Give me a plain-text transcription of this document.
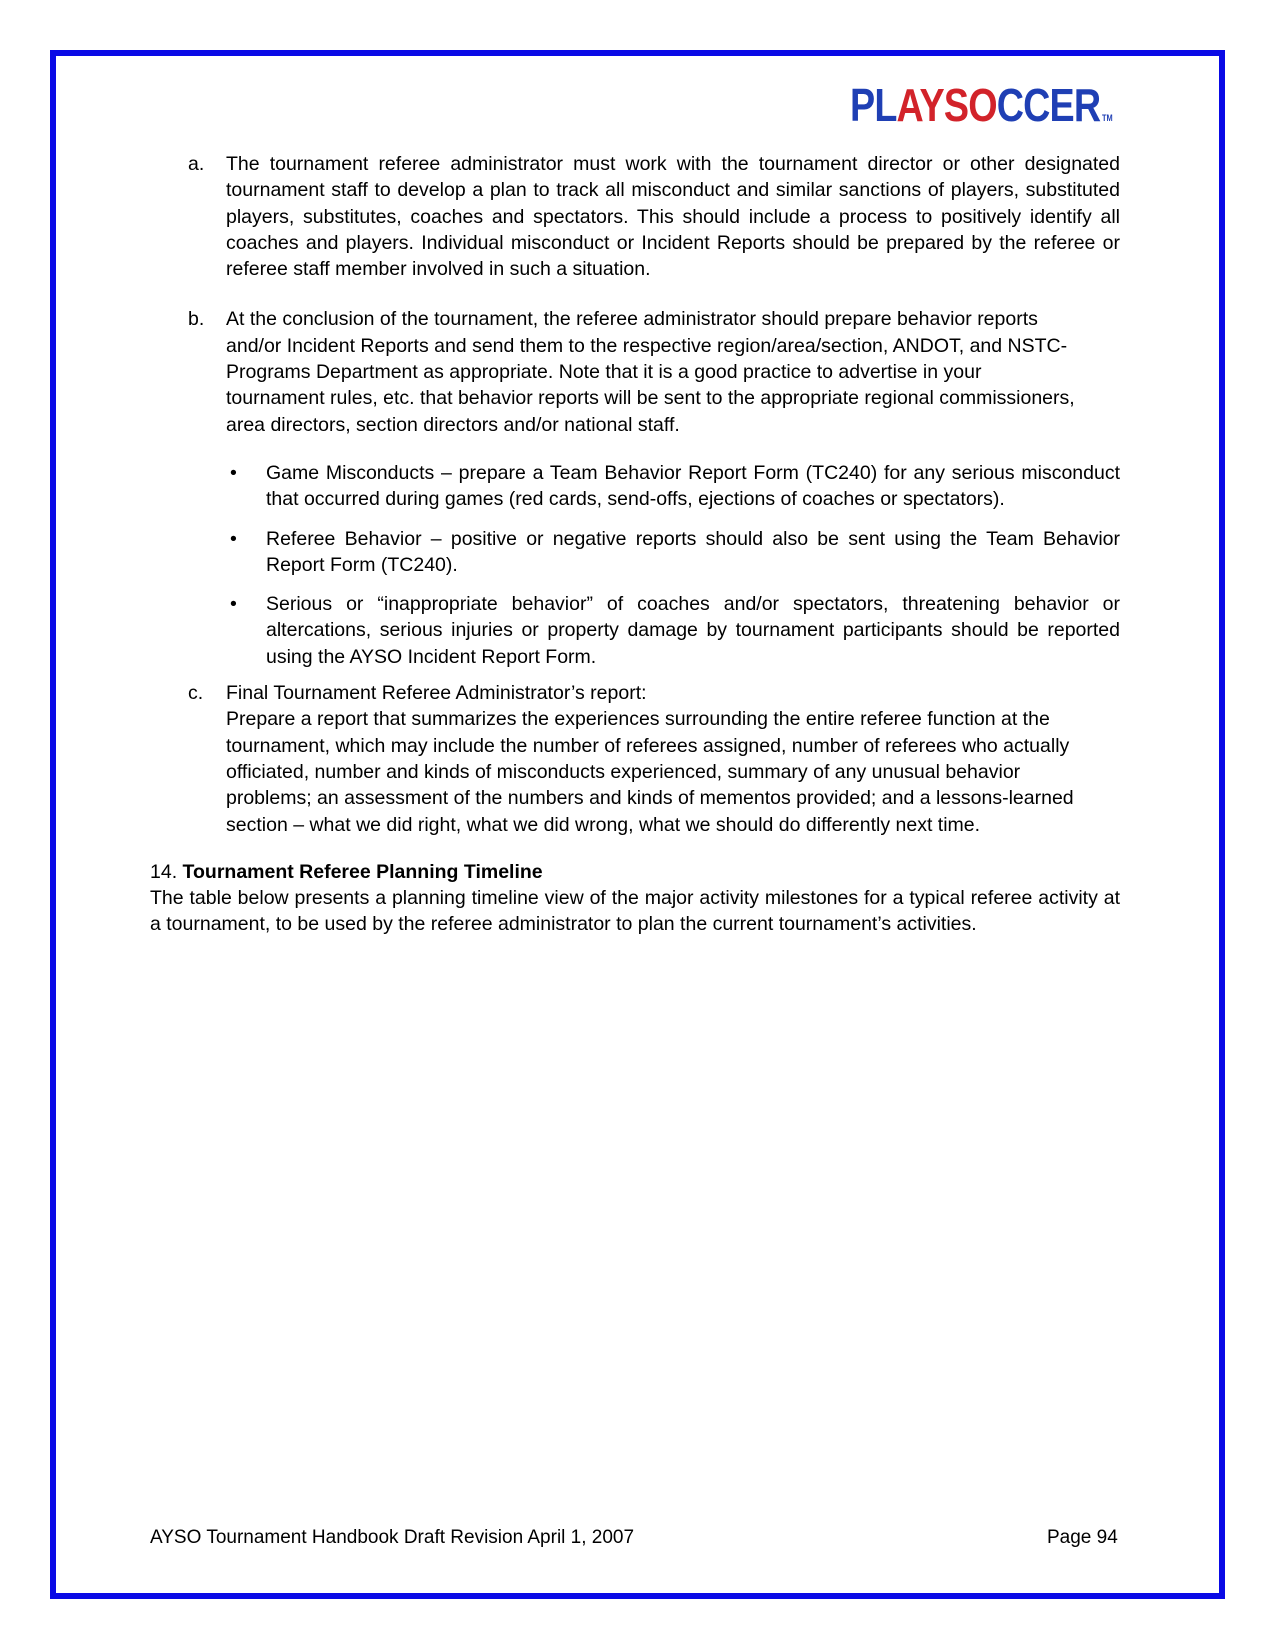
PLAYSOCCER TM
a. The tournament referee administrator must work with the tournament director or other designated tournament staff to develop a plan to track all misconduct and similar sanctions of players, substituted players, substitutes, coaches and spectators. This should include a process to positively identify all coaches and players. Individual misconduct or Incident Reports should be prepared by the referee or referee staff member involved in such a situation.
b. At the conclusion of the tournament, the referee administrator should prepare behavior reports and/or Incident Reports and send them to the respective region/area/section, ANDOT, and NSTC-Programs Department as appropriate. Note that it is a good practice to advertise in your tournament rules, etc. that behavior reports will be sent to the appropriate regional commissioners, area directors, section directors and/or national staff.
• Game Misconducts – prepare a Team Behavior Report Form (TC240) for any serious misconduct that occurred during games (red cards, send-offs, ejections of coaches or spectators).
• Referee Behavior – positive or negative reports should also be sent using the Team Behavior Report Form (TC240).
• Serious or “inappropriate behavior” of coaches and/or spectators, threatening behavior or altercations, serious injuries or property damage by tournament participants should be reported using the AYSO Incident Report Form.
c. Final Tournament Referee Administrator’s report:
Prepare a report that summarizes the experiences surrounding the entire referee function at the tournament, which may include the number of referees assigned, number of referees who actually officiated, number and kinds of misconducts experienced, summary of any unusual behavior problems; an assessment of the numbers and kinds of mementos provided; and a lessons-learned section – what we did right, what we did wrong, what we should do differently next time.
14. Tournament Referee Planning Timeline
The table below presents a planning timeline view of the major activity milestones for a typical referee activity at a tournament, to be used by the referee administrator to plan the current tournament’s activities.
AYSO Tournament Handbook Draft Revision April 1, 2007	Page 94
